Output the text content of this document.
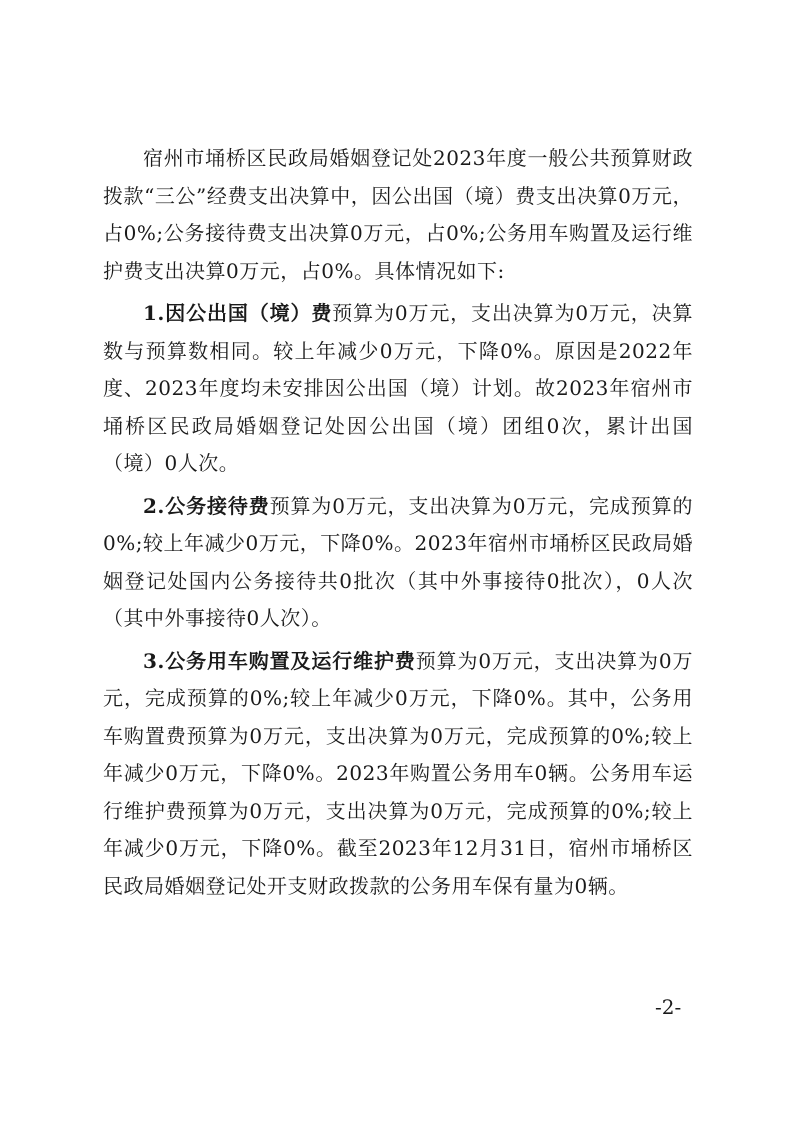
宿州市埇桥区民政局婚姻登记处2023年度一般公共预算财政拨款“三公”经费支出决算中，因公出国（境）费支出决算0万元，占0%;公务接待费支出决算0万元，占0%;公务用车购置及运行维护费支出决算0万元，占0%。具体情况如下:

1.因公出国（境）费预算为0万元，支出决算为0万元，决算数与预算数相同。较上年减少0万元，下降0%。原因是2022年度、2023年度均未安排因公出国（境）计划。故2023年宿州市埇桥区民政局婚姻登记处因公出国（境）团组0次，累计出国（境）0人次。

2.公务接待费预算为0万元，支出决算为0万元，完成预算的0%;较上年减少0万元，下降0%。2023年宿州市埇桥区民政局婚姻登记处国内公务接待共0批次（其中外事接待0批次），0人次（其中外事接待0人次）。

3.公务用车购置及运行维护费预算为0万元，支出决算为0万元，完成预算的0%;较上年减少0万元，下降0%。其中，公务用车购置费预算为0万元，支出决算为0万元，完成预算的0%;较上年减少0万元，下降0%。2023年购置公务用车0辆。公务用车运行维护费预算为0万元，支出决算为0万元，完成预算的0%;较上年减少0万元，下降0%。截至2023年12月31日，宿州市埇桥区民政局婚姻登记处开支财政拨款的公务用车保有量为0辆。

-2-
